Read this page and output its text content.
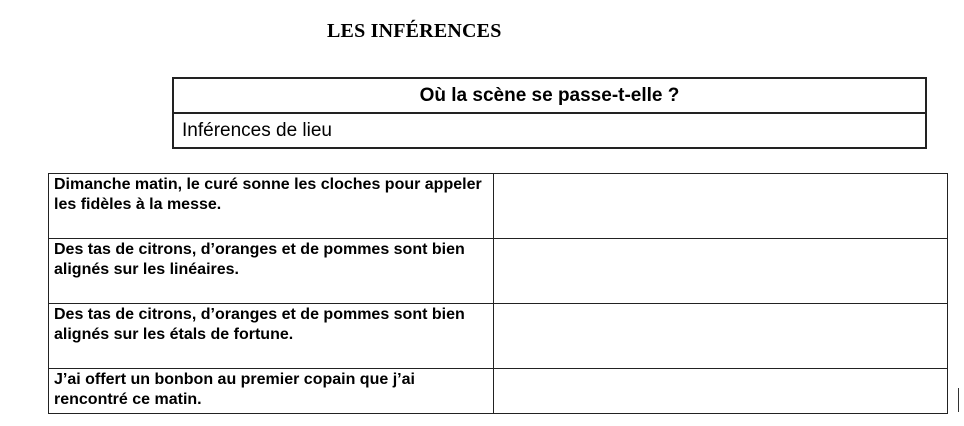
LES INFÉRENCES
Où la scène se passe-t-elle ?
Inférences de lieu
Dimanche matin, le curé sonne les cloches pour appeler les fidèles à la messe.	
Des tas de citrons, d’oranges et de pommes sont bien alignés sur les linéaires.	
Des tas de citrons, d’oranges et de pommes sont bien alignés sur les étals de fortune.	
J’ai offert un bonbon au premier copain que j’ai rencontré ce matin.	
